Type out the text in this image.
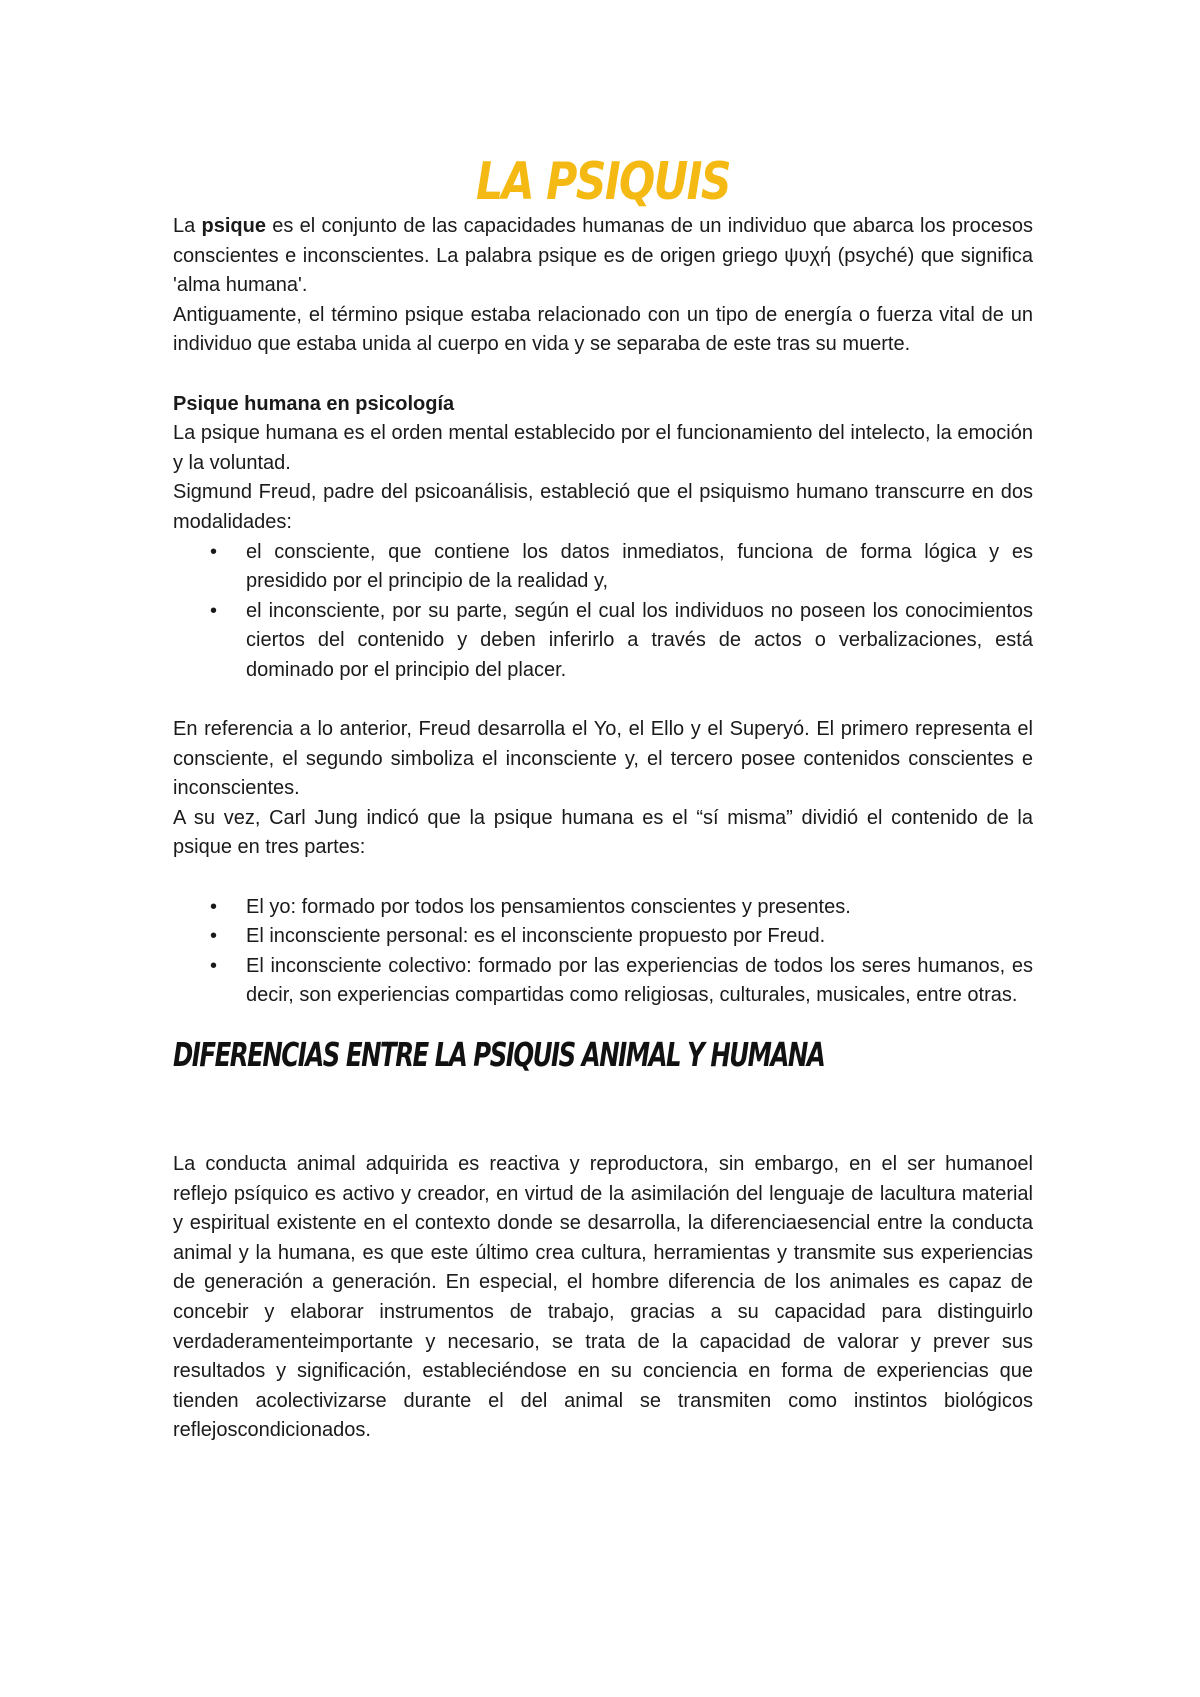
LA PSIQUIS

La psique es el conjunto de las capacidades humanas de un individuo que abarca los procesos conscientes e inconscientes. La palabra psique es de origen griego ψυχή (psyché) que significa 'alma humana'.

Antiguamente, el término psique estaba relacionado con un tipo de energía o fuerza vital de un individuo que estaba unida al cuerpo en vida y se separaba de este tras su muerte.

Psique humana en psicología

La psique humana es el orden mental establecido por el funcionamiento del intelecto, la emoción y la voluntad.

Sigmund Freud, padre del psicoanálisis, estableció que el psiquismo humano transcurre en dos modalidades:

• el consciente, que contiene los datos inmediatos, funciona de forma lógica y es presidido por el principio de la realidad y,
• el inconsciente, por su parte, según el cual los individuos no poseen los conocimientos ciertos del contenido y deben inferirlo a través de actos o verbalizaciones, está dominado por el principio del placer.

En referencia a lo anterior, Freud desarrolla el Yo, el Ello y el Superyó. El primero representa el consciente, el segundo simboliza el inconsciente y, el tercero posee contenidos conscientes e inconscientes.

A su vez, Carl Jung indicó que la psique humana es el “sí misma” dividió el contenido de la psique en tres partes:

• El yo: formado por todos los pensamientos conscientes y presentes.
• El inconsciente personal: es el inconsciente propuesto por Freud.
• El inconsciente colectivo: formado por las experiencias de todos los seres humanos, es decir, son experiencias compartidas como religiosas, culturales, musicales, entre otras.
DIFERENCIAS ENTRE LA PSIQUIS ANIMAL Y HUMANA

La conducta animal adquirida es reactiva y reproductora, sin embargo, en el ser humanoel reflejo psíquico es activo y creador, en virtud de la asimilación del lenguaje de lacultura material y espiritual existente en el contexto donde se desarrolla, la diferenciaesencial entre la conducta animal y la humana, es que este último crea cultura, herramientas y transmite sus experiencias de generación a generación. En especial, el hombre diferencia de los animales es capaz de concebir y elaborar instrumentos de trabajo, gracias a su capacidad para distinguirlo verdaderamenteimportante y necesario, se trata de la capacidad de valorar y prever sus resultados y significación, estableciéndose en su conciencia en forma de experiencias que tienden acolectivizarse durante el del animal se transmiten como instintos biológicos reflejoscondicionados.
